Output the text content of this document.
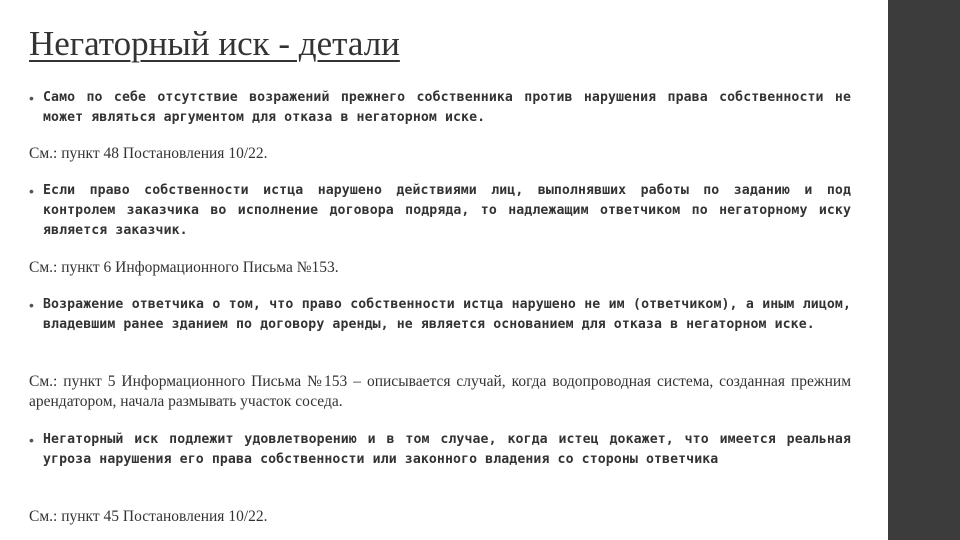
Негаторный иск - детали
• Само по себе отсутствие возражений прежнего собственника против нарушения права собственности не может являться аргументом для отказа в негаторном иске.
См.: пункт 48 Постановления 10/22.
• Если право собственности истца нарушено действиями лиц, выполнявших работы по заданию и под контролем заказчика во исполнение договора подряда, то надлежащим ответчиком по негаторному иску является заказчик.
См.: пункт 6 Информационного Письма №153.
• Возражение ответчика о том, что право собственности истца нарушено не им (ответчиком), а иным лицом, владевшим ранее зданием по договору аренды, не является основанием для отказа в негаторном иске.
См.: пункт 5 Информационного Письма №153 – описывается случай, когда водопроводная система, созданная прежним арендатором, начала размывать участок соседа.
• Негаторный иск подлежит удовлетворению и в том случае, когда истец докажет, что имеется реальная угроза нарушения его права собственности или законного владения со стороны ответчика
См.: пункт 45 Постановления 10/22.
